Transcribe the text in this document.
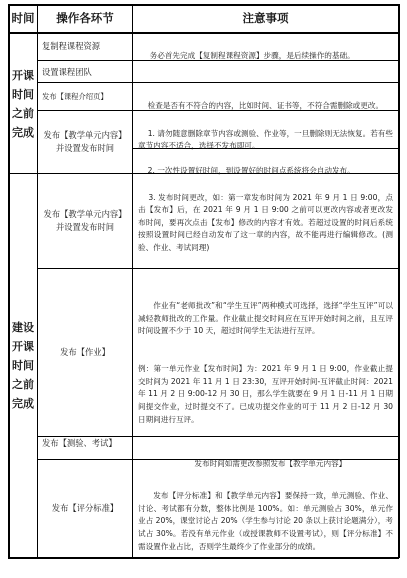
时间	操作各环节	注意事项
开课
时间
之前
完成
复制程课程资源

务必首先完成【复制程课程资源】步骤，是后续操作的基础。

设置课程团队

发布【课程介绍页】

检查是否有不符合的内容，比如时间、证书等，不符合需删除或更改。

发布【教学单元内容】并设置发布时间

1. 请勿随意删除章节内容或测验、作业等，一旦删除则无法恢复。若有些章节内容不适合，选择不发布即可。

2. 一次性设置好时间，到设置好的时间点系统将会自动发布。

建设
开课
时间
之前
完成
发布【教学单元内容】并设置发布时间

3. 发布时间更改，如：第一章发布时间为 2021 年 9 月 1 日 9:00，点击【发布】后，在 2021 年 9 月 1 日 9:00 之前可以更改内容或者更改发布时间，要再次点击【发布】修改的内容才有效。若超过设置的时间后系统按照设置时间已经自动发布了这一章的内容，故不能再进行编辑修改。(测验、作业、考试同理)

发布【作业】

作业有“老师批改”和“学生互评”两种模式可选择，选择“学生互评”可以减轻教师批改的工作量。作业截止提交时间应在互评开始时间之前，且互评时间设置不少于 10 天，超过时间学生无法进行互评。

例：第一单元作业【发布时间】为：2021 年 9 月 1 日 9:00，作业截止提交时间为 2021 年 11 月 1 日 23:30，互评开始时间-互评截止时间：2021 年 11 月 2 日 9:00-12 月 30 日，那么学生就要在 9 月 1 日-11 月 1 日期间提交作业，过时提交不了。已成功提交作业的可于 11 月 2 日-12 月 30 日期间进行互评。

发布【测验、考试】

发布时间如需更改参照发布【教学单元内容】

发布【评分标准】

发布【评分标准】和【教学单元内容】要保持一致，单元测验、作业、讨论、考试都有分数，整体比例是 100%。如：单元测验占 30%，单元作业占 20%，课堂讨论占 20%（学生参与讨论 20 条以上获讨论题满分），考试占 30%。若没有单元作业（或授课教师不设置考试），则【评分标准】不需设置作业占比，否则学生最终少了作业部分的成绩。
